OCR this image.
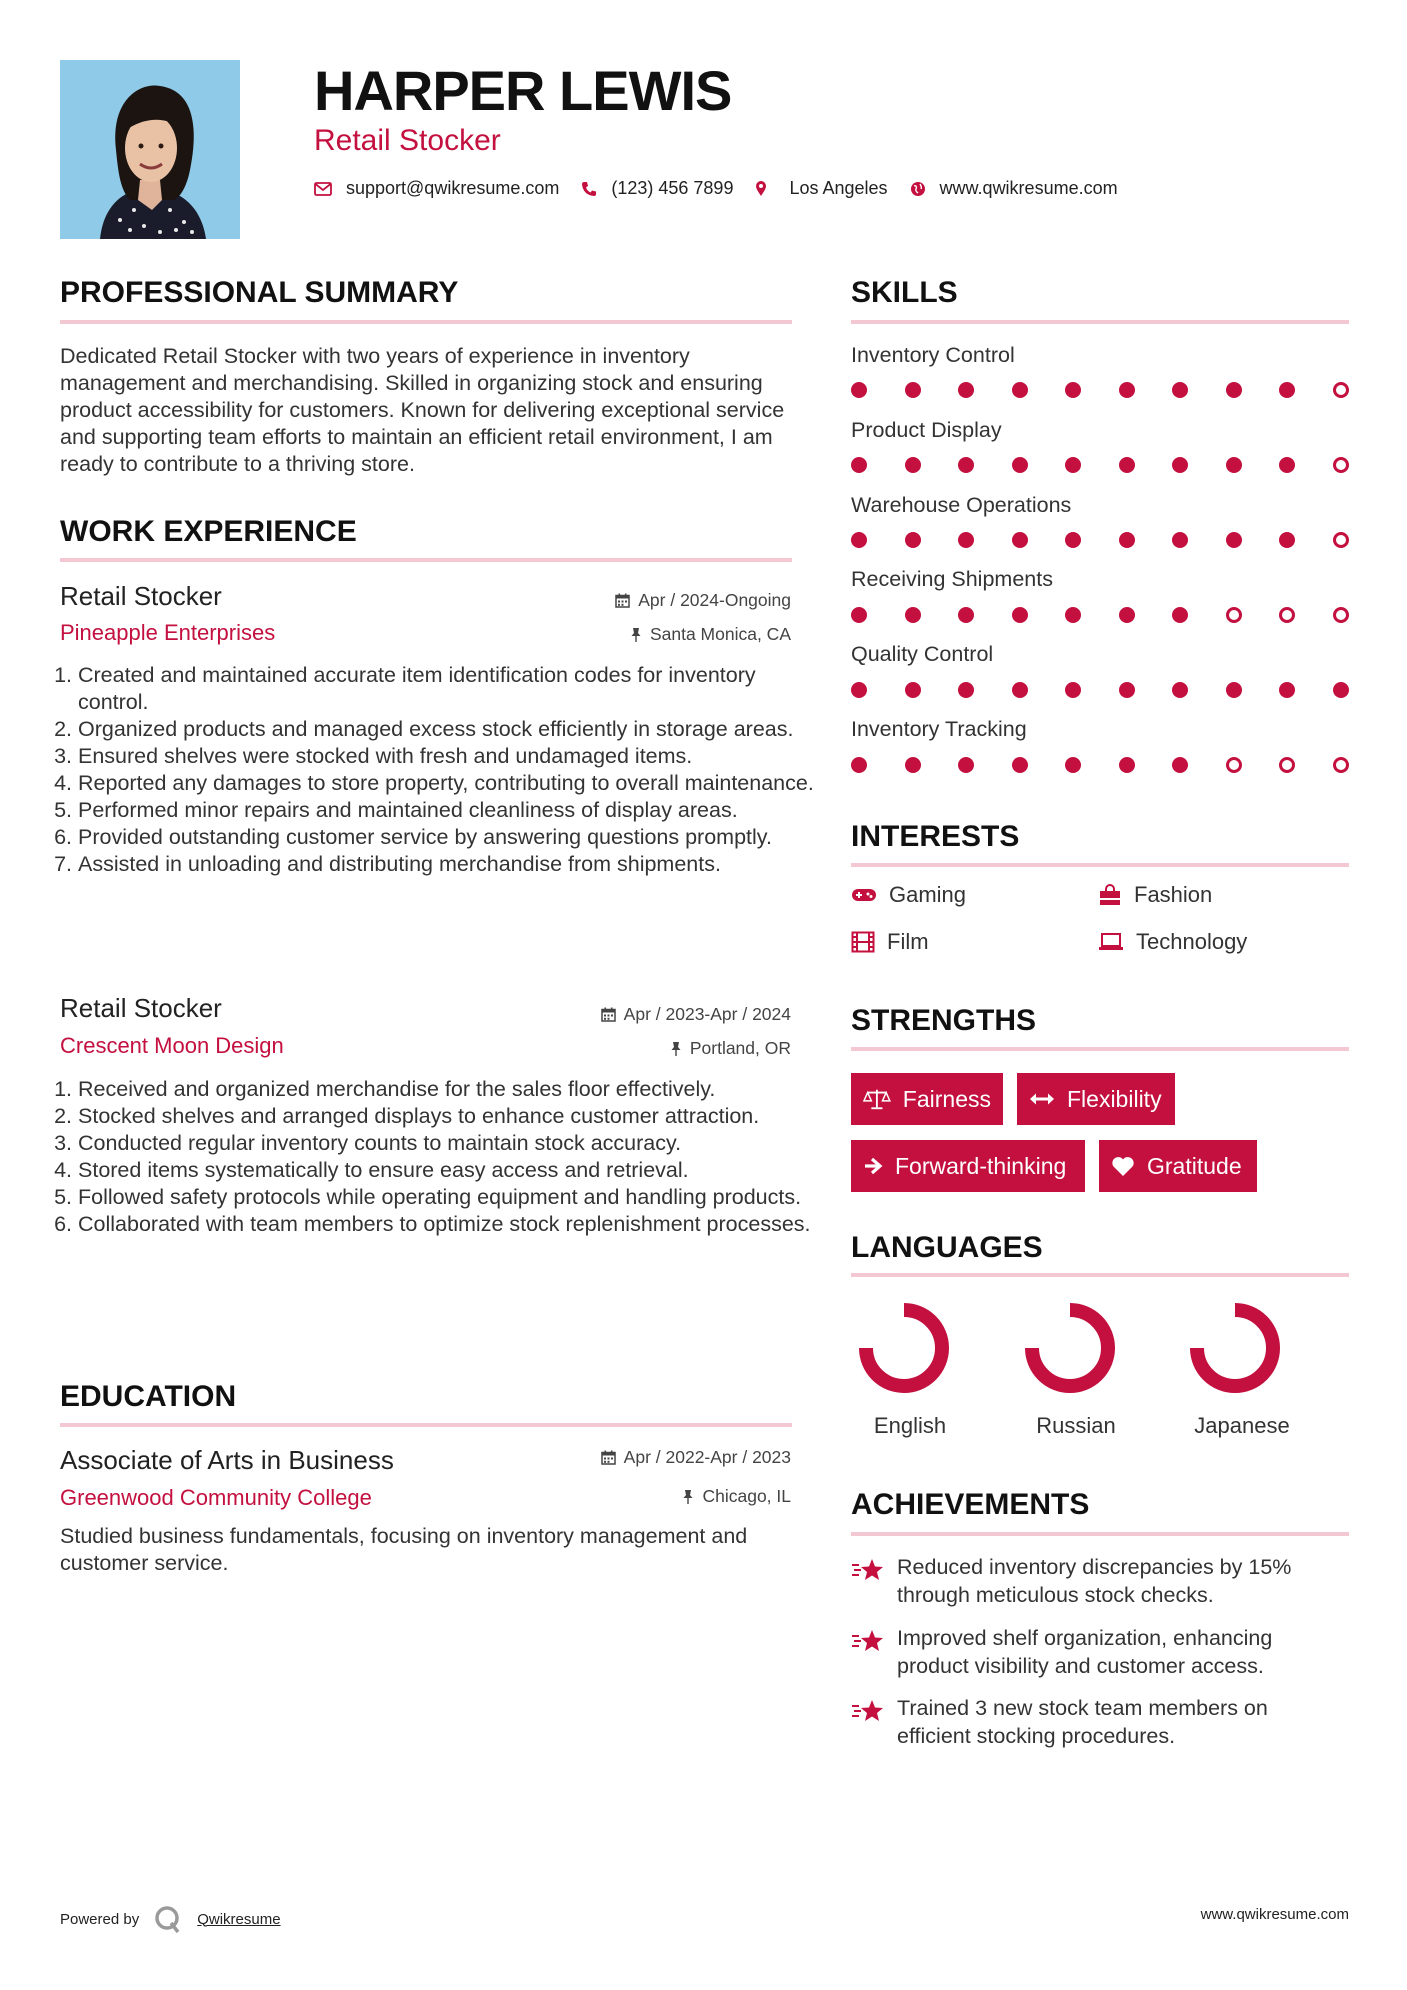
HARPER LEWIS
Retail Stocker
support@qwikresume.com	(123) 456 7899	Los Angeles	www.qwikresume.com
PROFESSIONAL SUMMARY
Dedicated Retail Stocker with two years of experience in inventory management and merchandising. Skilled in organizing stock and ensuring product accessibility for customers. Known for delivering exceptional service and supporting team efforts to maintain an efficient retail environment, I am ready to contribute to a thriving store.
WORK EXPERIENCE
Retail Stocker	Apr / 2024-Ongoing
Pineapple Enterprises	Santa Monica, CA
1. Created and maintained accurate item identification codes for inventory control.
2. Organized products and managed excess stock efficiently in storage areas.
3. Ensured shelves were stocked with fresh and undamaged items.
4. Reported any damages to store property, contributing to overall maintenance.
5. Performed minor repairs and maintained cleanliness of display areas.
6. Provided outstanding customer service by answering questions promptly.
7. Assisted in unloading and distributing merchandise from shipments.
Retail Stocker	Apr / 2023-Apr / 2024
Crescent Moon Design	Portland, OR
1. Received and organized merchandise for the sales floor effectively.
2. Stocked shelves and arranged displays to enhance customer attraction.
3. Conducted regular inventory counts to maintain stock accuracy.
4. Stored items systematically to ensure easy access and retrieval.
5. Followed safety protocols while operating equipment and handling products.
6. Collaborated with team members to optimize stock replenishment processes.
EDUCATION
Associate of Arts in Business	Apr / 2022-Apr / 2023
Greenwood Community College	Chicago, IL
Studied business fundamentals, focusing on inventory management and customer service.
SKILLS
Inventory Control
Product Display
Warehouse Operations
Receiving Shipments
Quality Control
Inventory Tracking
INTERESTS
Gaming	Fashion
Film	Technology
STRENGTHS
Fairness	Flexibility
Forward-thinking	Gratitude
LANGUAGES
English	Russian	Japanese
ACHIEVEMENTS
Reduced inventory discrepancies by 15% through meticulous stock checks.
Improved shelf organization, enhancing product visibility and customer access.
Trained 3 new stock team members on efficient stocking procedures.
Powered by	Qwikresume	www.qwikresume.com
